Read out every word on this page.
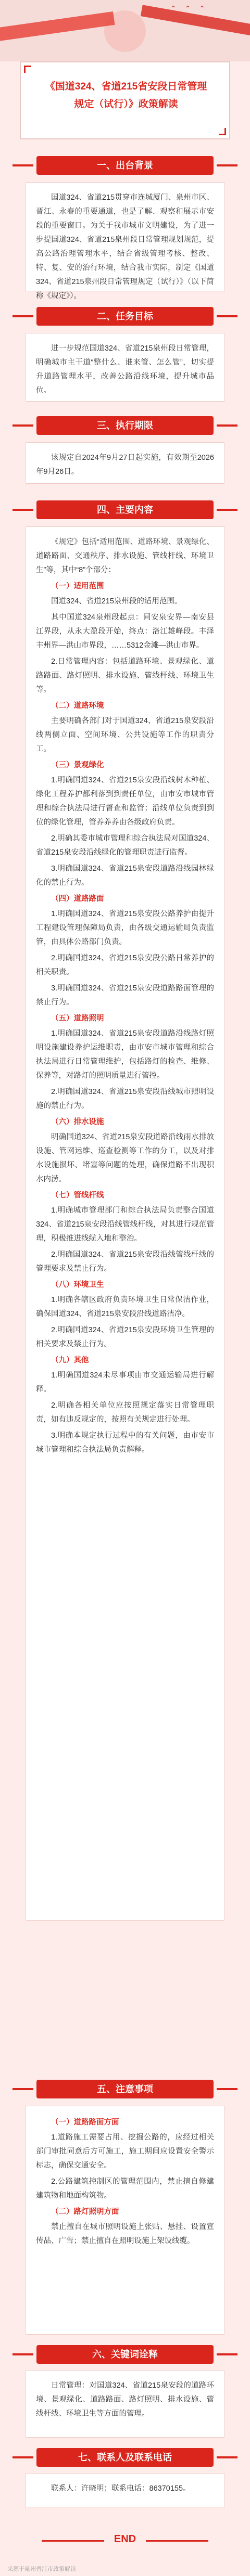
⌃ ⌃ ⌃
《国道324、省道215省安段日常管理规定（试行）》政策解读
一、出台背景

国道324、省道215贯穿市连城厦门、泉州市区、晋江、永春的重要通道，也是了解、观察和展示市安段的重要窗口。为关于我市城市文明建设，为了进一步提国道324、省道215泉州段日常管理规划规范，提高公路治理管理水平，结合省级管理考核、整改、特、复、安的治行环境，结合我市实际，制定《国道324、省道215泉州段日常管理规定（试行）》（以下简称《规定》）。

二、任务目标

进一步规范国道324、省道215泉州段日常管理，明确城市主干道“整什么、谁来管、怎么管”，切实提升道路管理水平，改善公路沿线环境，提升城市品位。

三、执行期限

该规定自2024年9月27日起实施，有效期至2026年9月26日。

四、主要内容

《规定》包括“适用范围、道路环境、景观绿化、道路路面、交通秩序、排水设施、管线杆线、环境卫生”等，其中“8”个部分：

（一）适用范围

国道324、省道215泉州段的适用范围。

其中国道324泉州段起点：同安泉安界—南安县江界段，从永大盈段开始，终点：洛江雄峰段。丰泽丰州界—洪山市界段，……5312金滩—洪山市界。

2.日常管理内容：包括道路环境、景观绿化、道路路面、路灯照明、排水设施、管线杆线、环境卫生等。

（二）道路环境

主要明确各部门对于国道324、省道215泉安段沿线两侧立面、空间环境、公共设施等工作的职责分工。

（三）景观绿化

1.明确国道324、省道215泉安段沿线树木种植、绿化工程养护都利落到到责任单位，由市安市城市管理和综合执法局进行督查和监管；沿线单位负责到到位的绿化管理，管养养养由各级政府负责。

2.明确其委市城市管理和综合执法局对国道324、省道215泉安段沿线绿化的管理职责进行监督。

3.明确国道324、省道215泉安段道路沿线园林绿化的禁止行为。

（四）道路路面

1.明确国道324、省道215泉安段公路养护由提升工程建设管理保障局负责，由各级交通运输局负责监管，由具体公路部门负责。

2.明确国道324、省道215泉安段公路日常养护的相关职责。

3.明确国道324、省道215泉安段道路路面管理的禁止行为。

（五）道路照明

1.明确国道324、省道215泉安段道路沿线路灯照明设施建设养护运维职责，由市安市城市管理和综合执法局进行日常管理维护，包括路灯的检查、维修、保养等，对路灯的照明质量进行管控。

2.明确国道324、省道215泉安段沿线城市照明设施的禁止行为。

（六）排水设施

明确国道324、省道215泉安段道路沿线雨水排放设施、管网运维、巡查检测等工作的分工，以及对排水设施损坏、堵塞等问题的处理，确保道路不出现积水内涝。

（七）管线杆线

1.明确城市管理部门和综合执法局负责整合国道324、省道215泉安段沿线管线杆线，对其进行规范管理，积极推进线缆入地和整治。

2.明确国道324、省道215泉安段沿线管线杆线的管理要求及禁止行为。

（八）环境卫生

1.明确各辖区政府负责环境卫生日常保洁作业，确保国道324、省道215泉安段沿线道路洁净。

2.明确国道324、省道215泉安段环境卫生管理的相关要求及禁止行为。

（九）其他

1.明确国道324未尽事项由市交通运输局进行解释。

2.明确各相关单位应按照规定落实日常管理职责，如有违反规定的，按照有关规定进行处理。

3.明确本规定执行过程中的有关问题，由市安市城市管理和综合执法局负责解释。

五、注意事项
（一）道路路面方面

1.道路施工需要占用、挖掘公路的，应经过相关部门审批同意后方可施工，施工期间应设置安全警示标志，确保交通安全。

2.公路建筑控制区的管理范围内，禁止擅自修建建筑物和地面构筑物。

（二）路灯照明方面

禁止擅自在城市照明设施上张贴、悬挂、设置宣传品、广告；禁止擅自在照明设施上架设线缆。

六、关键词诠释

日常管理：对国道324、省道215泉安段的道路环境、景观绿化、道路路面、路灯照明、排水设施、管线杆线、环境卫生等方面的管理。

七、联系人及联系电话

联系人：许晓明；联系电话：86370155。

END
来源于泉州晋江市政策解读
